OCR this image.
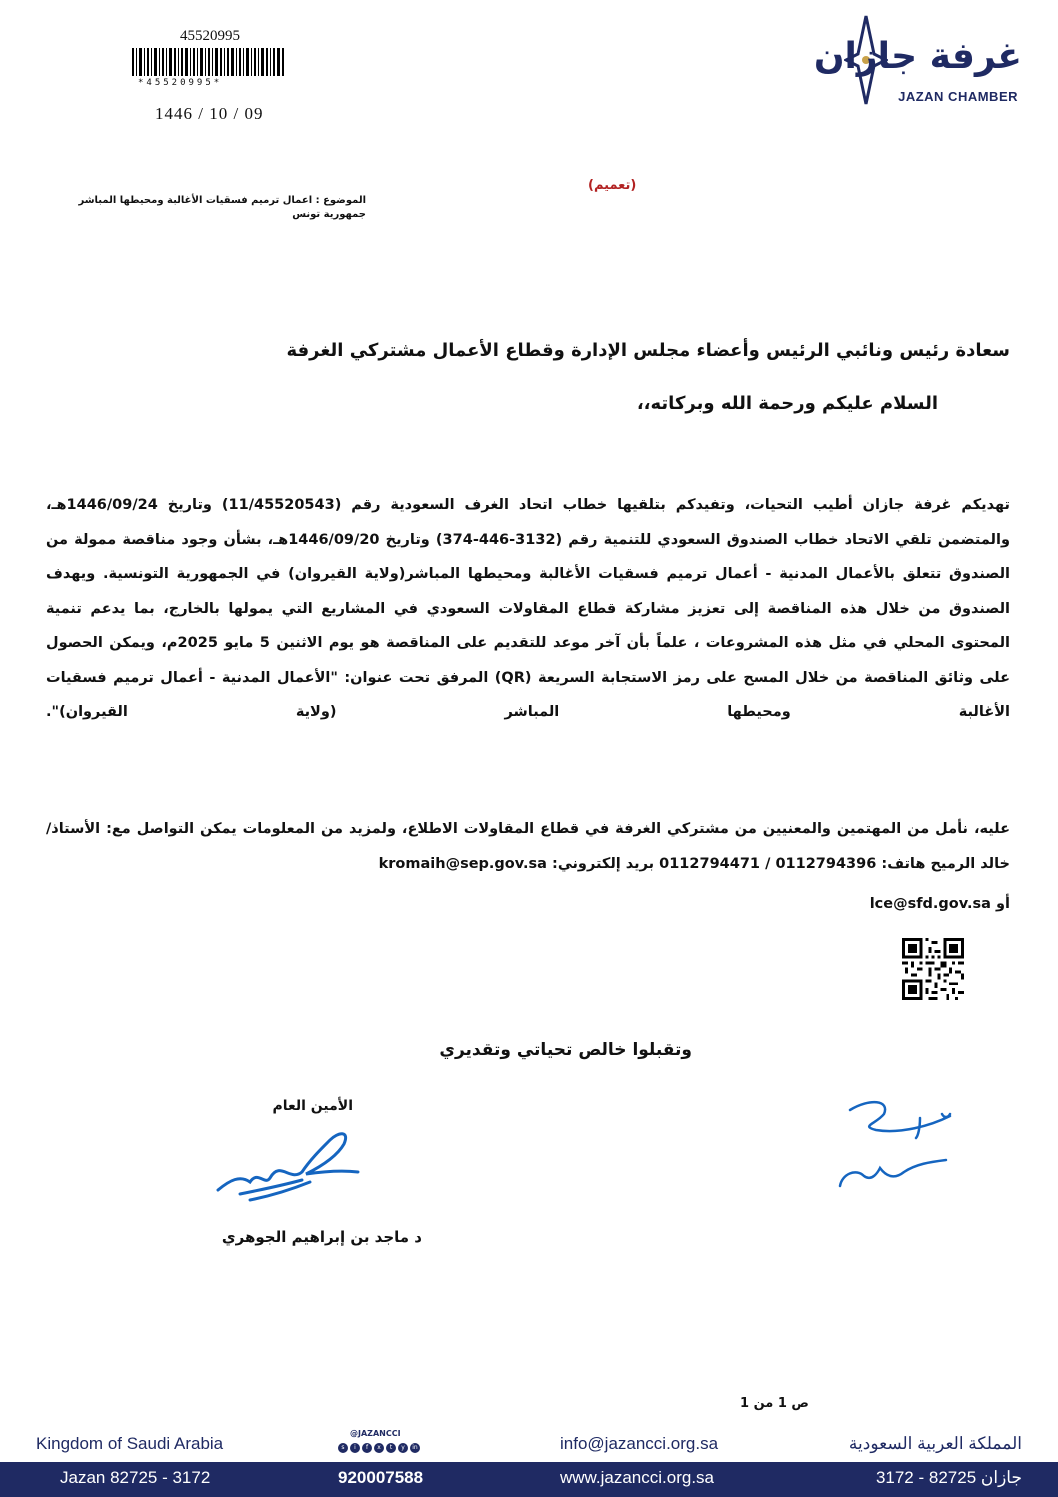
45520995
*45520995*
1446 / 10 / 09
غرفة جازان
JAZAN CHAMBER
(تعميم)
الموضوع : اعمال ترميم فسقيات الأغالبة ومحيطها المباشر
جمهورية تونس
سعادة رئيس ونائبي الرئيس وأعضاء مجلس الإدارة وقطاع الأعمال مشتركي الغرفة
السلام عليكم ورحمة الله وبركاته،،
تهديكم غرفة جازان أطيب التحيات، وتفيدكم بتلقيها خطاب اتحاد الغرف السعودية رقم (11/45520543) وتاريخ 1446/09/24هـ، والمتضمن تلقي الاتحاد خطاب الصندوق السعودي للتنمية رقم (3132-446-374) وتاريخ 1446/09/20هـ، بشأن وجود مناقصة ممولة من الصندوق تتعلق بالأعمال المدنية - أعمال ترميم فسقيات الأغالبة ومحيطها المباشر(ولاية القيروان) في الجمهورية التونسية. ويهدف الصندوق من خلال هذه المناقصة إلى تعزيز مشاركة قطاع المقاولات السعودي في المشاريع التي يمولها بالخارج، بما يدعم تنمية المحتوى المحلي في مثل هذه المشروعات ، علماً بأن آخر موعد للتقديم على المناقصة هو يوم الاثنين 5 مايو 2025م، ويمكن الحصول على وثائق المناقصة من خلال المسح على رمز الاستجابة السريعة (QR) المرفق تحت عنوان: "الأعمال المدنية - أعمال ترميم فسقيات الأغالبة ومحيطها المباشر (ولاية القيروان)".
عليه، نأمل من المهتمين والمعنيين من مشتركي الغرفة في قطاع المقاولات الاطلاع، ولمزيد من المعلومات يمكن التواصل مع: الأستاذ/ خالد الرميح هاتف: 0112794396 / 0112794471 بريد إلكتروني: kromaih@sep.gov.sa
أو lce@sfd.gov.sa
وتقبلوا خالص تحياتي وتقديري
الأمين العام
د ماجد بن إبراهيم الجوهري
ص 1 من 1
Kingdom of Saudi Arabia
@JAZANCCI
s	i	f	x	t	y	in	info@jazancci.org.sa	المملكة العربية السعودية
Jazan 82725 - 3172	920007588	www.jazancci.org.sa	جازان 82725 - 3172
